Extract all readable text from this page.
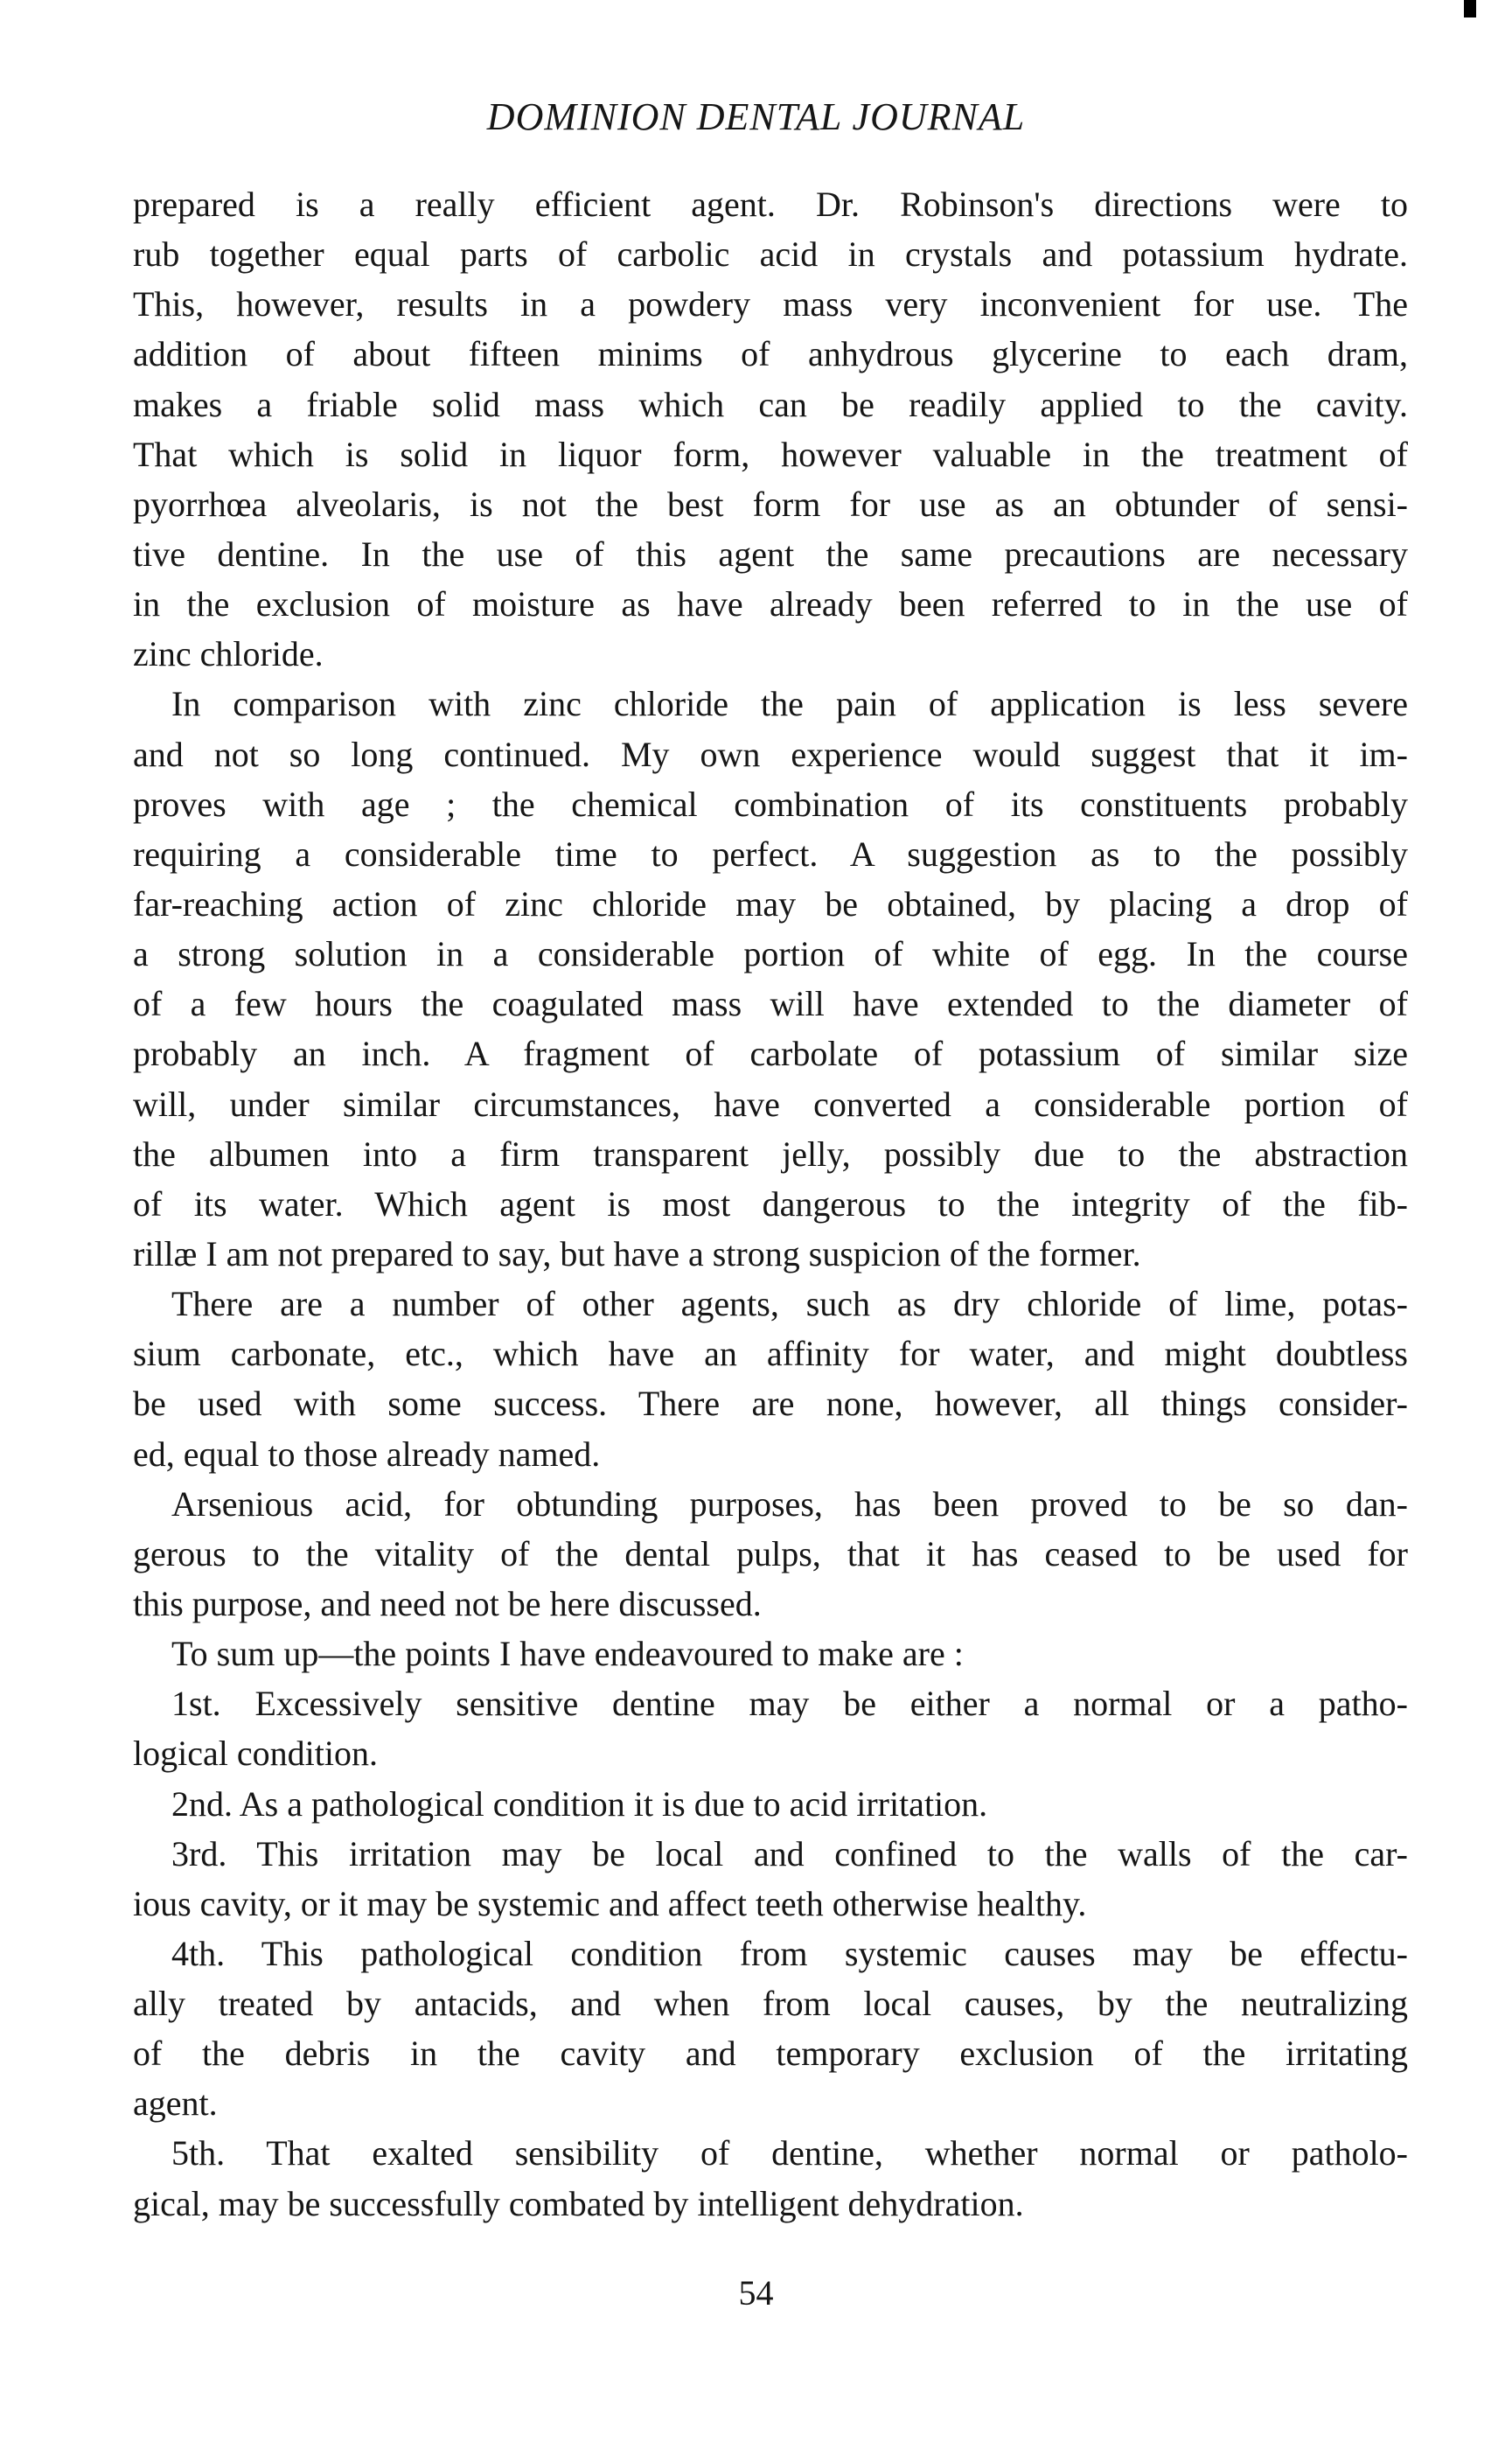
DOMINION DENTAL JOURNAL
prepared is a really efficient agent. Dr. Robinson's directions were to
rub together equal parts of carbolic acid in crystals and potassium hydrate.
This, however, results in a powdery mass very inconvenient for use. The
addition of about fifteen minims of anhydrous glycerine to each dram,
makes a friable solid mass which can be readily applied to the cavity.
That which is solid in liquor form, however valuable in the treatment of
pyorrhœa alveolaris, is not the best form for use as an obtunder of sensi-
tive dentine. In the use of this agent the same precautions are necessary
in the exclusion of moisture as have already been referred to in the use of
zinc chloride.
In comparison with zinc chloride the pain of application is less severe
and not so long continued. My own experience would suggest that it im-
proves with age ; the chemical combination of its constituents probably
requiring a considerable time to perfect. A suggestion as to the possibly
far-reaching action of zinc chloride may be obtained, by placing a drop of
a strong solution in a considerable portion of white of egg. In the course
of a few hours the coagulated mass will have extended to the diameter of
probably an inch. A fragment of carbolate of potassium of similar size
will, under similar circumstances, have converted a considerable portion of
the albumen into a firm transparent jelly, possibly due to the abstraction
of its water. Which agent is most dangerous to the integrity of the fib-
rillæ I am not prepared to say, but have a strong suspicion of the former.
There are a number of other agents, such as dry chloride of lime, potas-
sium carbonate, etc., which have an affinity for water, and might doubtless
be used with some success. There are none, however, all things consider-
ed, equal to those already named.
Arsenious acid, for obtunding purposes, has been proved to be so dan-
gerous to the vitality of the dental pulps, that it has ceased to be used for
this purpose, and need not be here discussed.
To sum up—the points I have endeavoured to make are :
1st. Excessively sensitive dentine may be either a normal or a patho-
logical condition.
2nd. As a pathological condition it is due to acid irritation.
3rd. This irritation may be local and confined to the walls of the car-
ious cavity, or it may be systemic and affect teeth otherwise healthy.
4th. This pathological condition from systemic causes may be effectu-
ally treated by antacids, and when from local causes, by the neutralizing
of the debris in the cavity and temporary exclusion of the irritating
agent.
5th. That exalted sensibility of dentine, whether normal or patholo-
gical, may be successfully combated by intelligent dehydration.
54
